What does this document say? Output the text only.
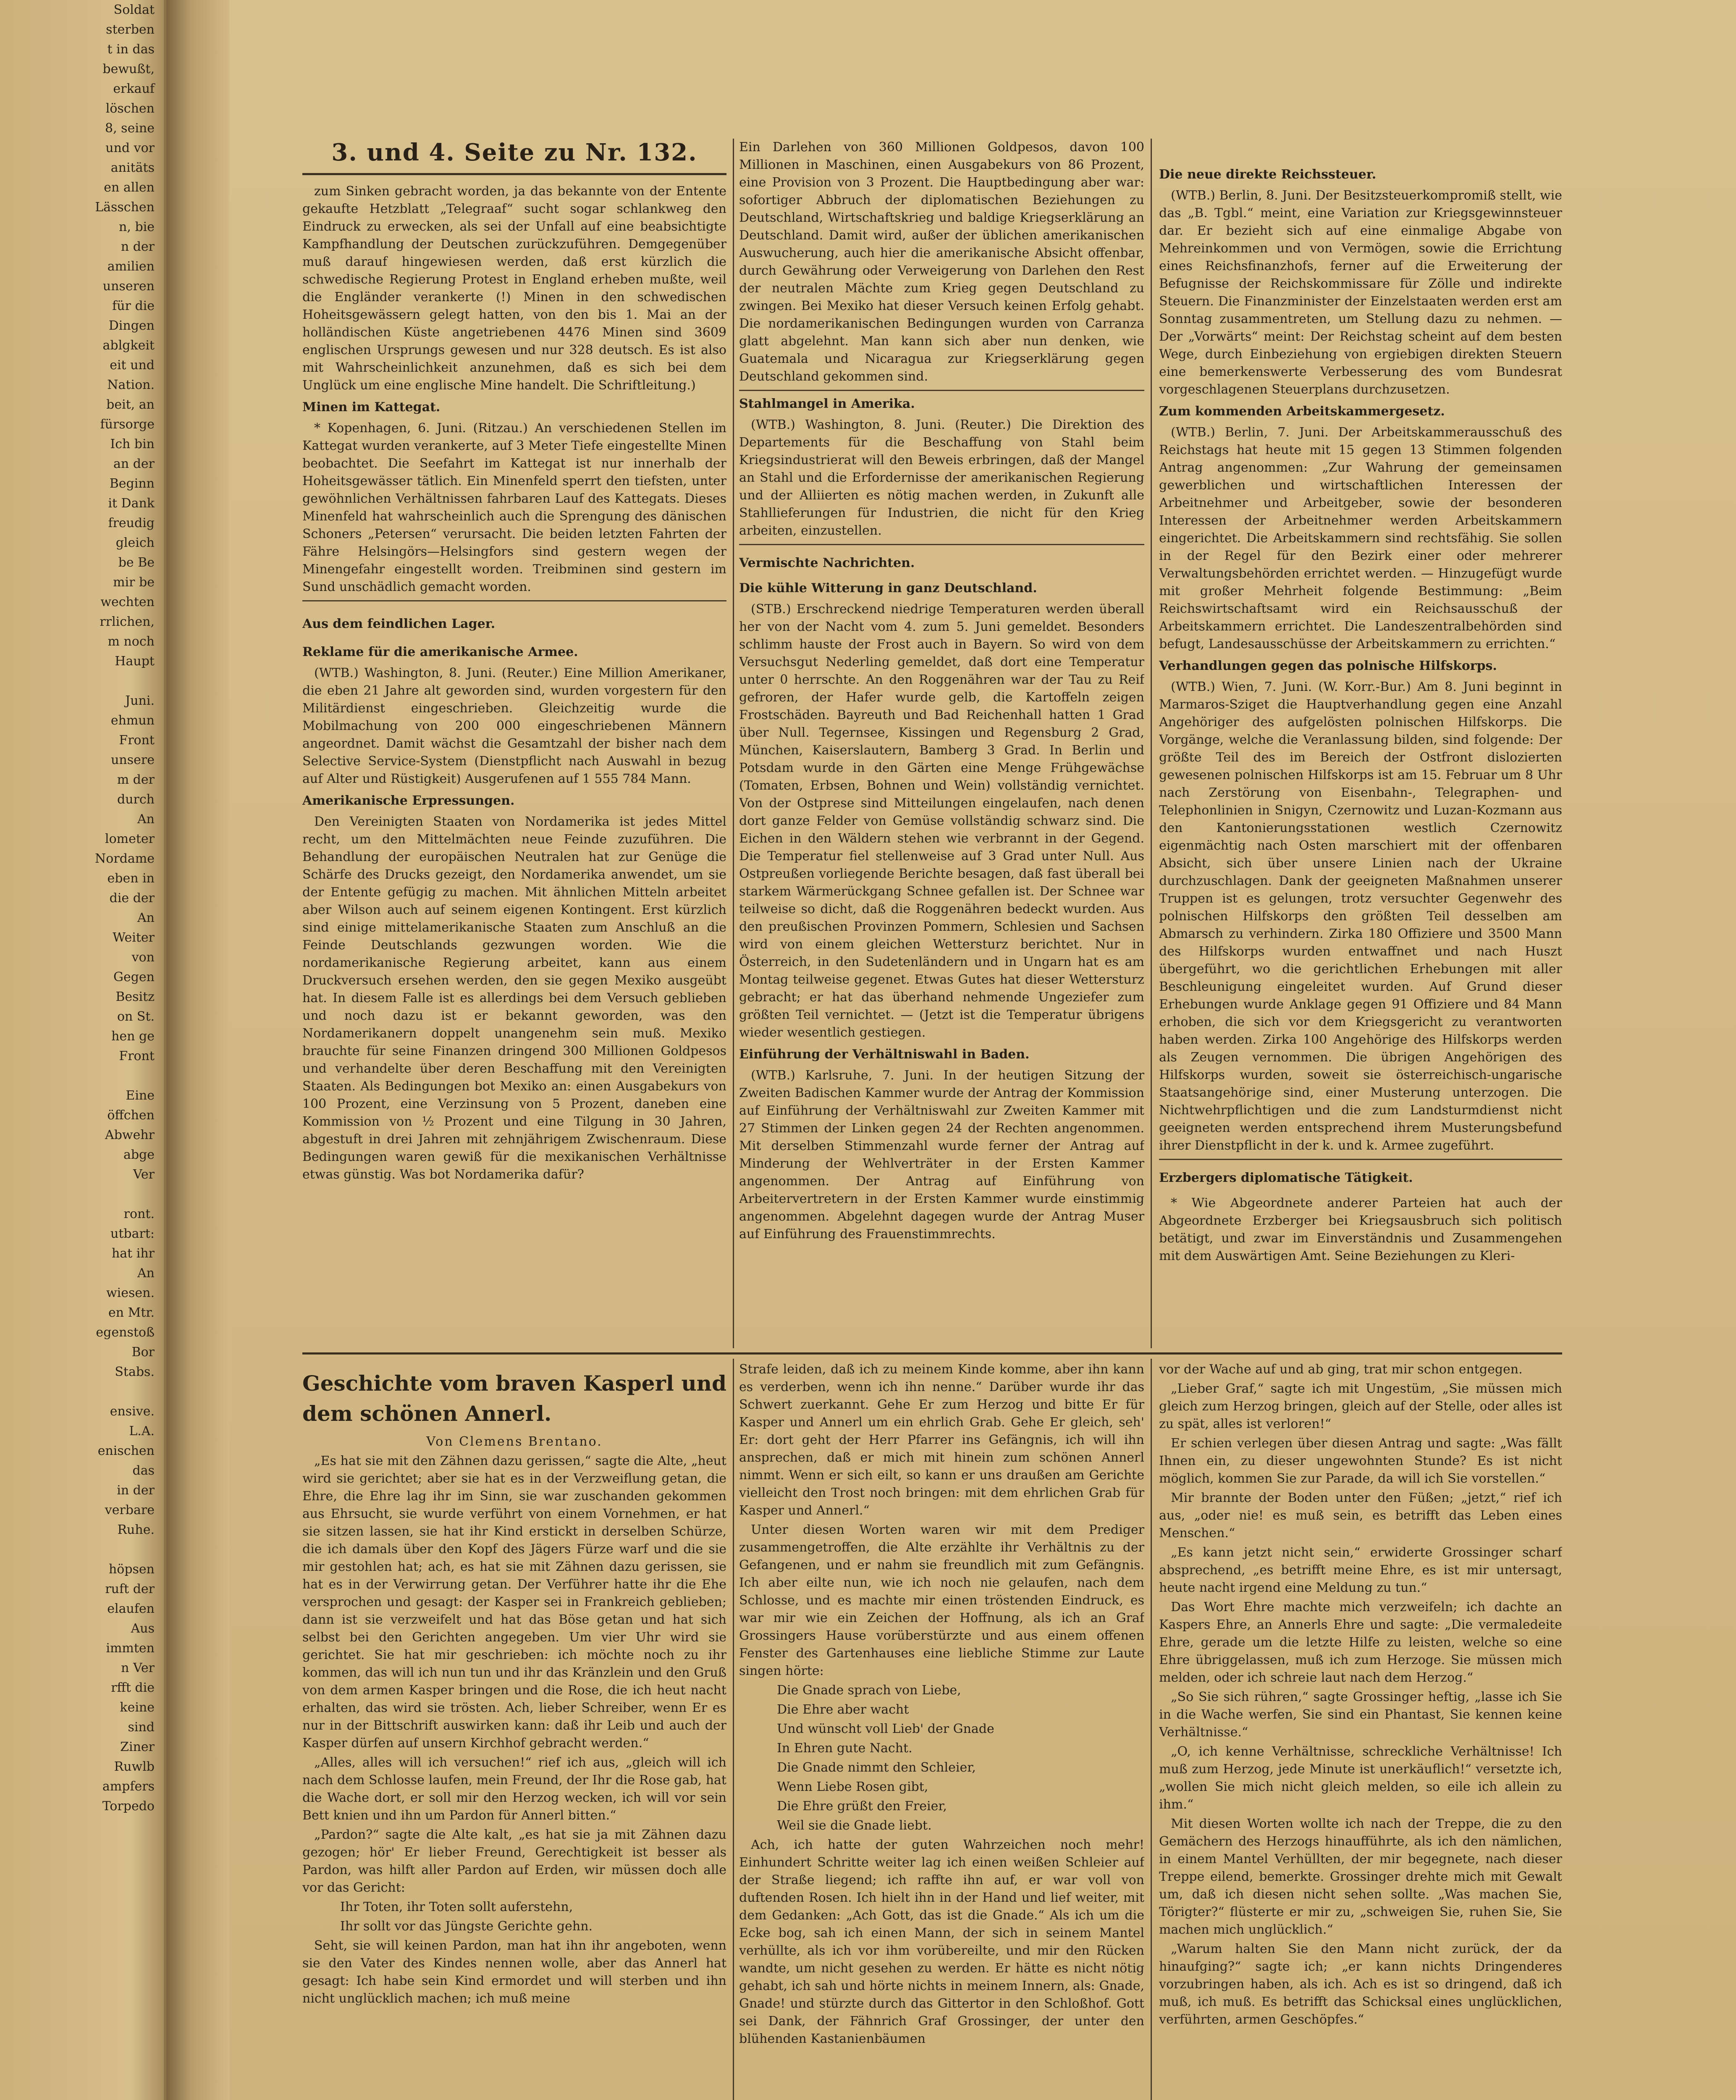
Soldat

sterben

t in das

bewußt,

erkauf

löschen

8, seine

und vor

anitäts

en allen

Lässchen

n, bie

n der

amilien

unseren

für die

Dingen

ablgkeit

eit und

Nation.

beit, an

fürsorge

Ich bin

an der

Beginn

it Dank

freudig

gleich

be Be

mir be

wechten

rrlichen,

m noch

Haupt

Juni.

ehmun

Front

unsere

m der

durch

An

lometer

Nordame

eben in

die der

An

Weiter

von

Gegen

Besitz

on St.

hen ge

Front

Eine

öffchen

Abwehr

abge

Ver

ront.

utbart:

hat ihr

An

wiesen.

en Mtr.

egenstoß

Bor

Stabs.

ensive.

L.A.

enischen

das

in der

verbare

Ruhe.

höpsen

ruft der

elaufen

Aus

immten

n Ver

rfft die

keine

sind

Ziner

Ruwlb

ampfers

Torpedo

3. und 4. Seite zu Nr. 132.

zum Sinken gebracht worden, ja das bekannte von der Entente gekaufte Hetzblatt „Telegraaf“ sucht sogar schlankweg den Eindruck zu erwecken, als sei der Unfall auf eine beabsichtigte Kampfhandlung der Deutschen zurückzuführen. Demgegenüber muß darauf hingewiesen werden, daß erst kürzlich die schwedische Regierung Protest in England erheben mußte, weil die Engländer verankerte (!) Minen in den schwedischen Hoheitsgewässern gelegt hatten, von den bis 1. Mai an der holländischen Küste angetriebenen 4476 Minen sind 3609 englischen Ursprungs gewesen und nur 328 deutsch. Es ist also mit Wahrscheinlichkeit anzunehmen, daß es sich bei dem Unglück um eine englische Mine handelt. Die Schriftleitung.)

Minen im Kattegat.

* Kopenhagen, 6. Juni. (Ritzau.) An verschiedenen Stellen im Kattegat wurden verankerte, auf 3 Meter Tiefe eingestellte Minen beobachtet. Die Seefahrt im Kattegat ist nur innerhalb der Hoheitsgewässer tätlich. Ein Minenfeld sperrt den tiefsten, unter gewöhnlichen Verhältnissen fahrbaren Lauf des Kattegats. Dieses Minenfeld hat wahrscheinlich auch die Sprengung des dänischen Schoners „Petersen“ verursacht. Die beiden letzten Fahrten der Fähre Helsingörs—Helsingfors sind gestern wegen der Minengefahr eingestellt worden. Treibminen sind gestern im Sund unschädlich gemacht worden.

Aus dem feindlichen Lager.

Reklame für die amerikanische Armee.

(WTB.) Washington, 8. Juni. (Reuter.) Eine Million Amerikaner, die eben 21 Jahre alt geworden sind, wurden vorgestern für den Militärdienst eingeschrieben. Gleichzeitig wurde die Mobilmachung von 200 000 eingeschriebenen Männern angeordnet. Damit wächst die Gesamtzahl der bisher nach dem Selective Service-System (Dienstpflicht nach Auswahl in bezug auf Alter und Rüstigkeit) Ausgerufenen auf 1 555 784 Mann.

Amerikanische Erpressungen.

Den Vereinigten Staaten von Nordamerika ist jedes Mittel recht, um den Mittelmächten neue Feinde zuzuführen. Die Behandlung der europäischen Neutralen hat zur Genüge die Schärfe des Drucks gezeigt, den Nordamerika anwendet, um sie der Entente gefügig zu machen. Mit ähnlichen Mitteln arbeitet aber Wilson auch auf seinem eigenen Kontingent. Erst kürzlich sind einige mittelamerikanische Staaten zum Anschluß an die Feinde Deutschlands gezwungen worden. Wie die nordamerikanische Regierung arbeitet, kann aus einem Druckversuch ersehen werden, den sie gegen Mexiko ausgeübt hat. In diesem Falle ist es allerdings bei dem Versuch geblieben und noch dazu ist er bekannt geworden, was den Nordamerikanern doppelt unangenehm sein muß. Mexiko brauchte für seine Finanzen dringend 300 Millionen Goldpesos und verhandelte über deren Beschaffung mit den Vereinigten Staaten. Als Bedingungen bot Mexiko an: einen Ausgabekurs von 100 Prozent, eine Verzinsung von 5 Prozent, daneben eine Kommission von ½ Prozent und eine Tilgung in 30 Jahren, abgestuft in drei Jahren mit zehnjährigem Zwischenraum. Diese Bedingungen waren gewiß für die mexikanischen Verhältnisse etwas günstig. Was bot Nordamerika dafür?

Ein Darlehen von 360 Millionen Goldpesos, davon 100 Millionen in Maschinen, einen Ausgabekurs von 86 Prozent, eine Provision von 3 Prozent. Die Hauptbedingung aber war: sofortiger Abbruch der diplomatischen Beziehungen zu Deutschland, Wirtschaftskrieg und baldige Kriegserklärung an Deutschland. Damit wird, außer der üblichen amerikanischen Auswucherung, auch hier die amerikanische Absicht offenbar, durch Gewährung oder Verweigerung von Darlehen den Rest der neutralen Mächte zum Krieg gegen Deutschland zu zwingen. Bei Mexiko hat dieser Versuch keinen Erfolg gehabt. Die nordamerikanischen Bedingungen wurden von Carranza glatt abgelehnt. Man kann sich aber nun denken, wie Guatemala und Nicaragua zur Kriegserklärung gegen Deutschland gekommen sind.

Stahlmangel in Amerika.

(WTB.) Washington, 8. Juni. (Reuter.) Die Direktion des Departements für die Beschaffung von Stahl beim Kriegsindustrierat will den Beweis erbringen, daß der Mangel an Stahl und die Erfordernisse der amerikanischen Regierung und der Alliierten es nötig machen werden, in Zukunft alle Stahllieferungen für Industrien, die nicht für den Krieg arbeiten, einzustellen.

Vermischte Nachrichten.

Die kühle Witterung in ganz Deutschland.

(STB.) Erschreckend niedrige Temperaturen werden überall her von der Nacht vom 4. zum 5. Juni gemeldet. Besonders schlimm hauste der Frost auch in Bayern. So wird von dem Versuchsgut Nederling gemeldet, daß dort eine Temperatur unter 0 herrschte. An den Roggenähren war der Tau zu Reif gefroren, der Hafer wurde gelb, die Kartoffeln zeigen Frostschäden. Bayreuth und Bad Reichenhall hatten 1 Grad über Null. Tegernsee, Kissingen und Regensburg 2 Grad, München, Kaiserslautern, Bamberg 3 Grad. In Berlin und Potsdam wurde in den Gärten eine Menge Frühgewächse (Tomaten, Erbsen, Bohnen und Wein) vollständig vernichtet. Von der Ostprese sind Mitteilungen eingelaufen, nach denen dort ganze Felder von Gemüse vollständig schwarz sind. Die Eichen in den Wäldern stehen wie verbrannt in der Gegend. Die Temperatur fiel stellenweise auf 3 Grad unter Null. Aus Ostpreußen vorliegende Berichte besagen, daß fast überall bei starkem Wärmerückgang Schnee gefallen ist. Der Schnee war teilweise so dicht, daß die Roggenähren bedeckt wurden. Aus den preußischen Provinzen Pommern, Schlesien und Sachsen wird von einem gleichen Wettersturz berichtet. Nur in Österreich, in den Sudetenländern und in Ungarn hat es am Montag teilweise gegenet. Etwas Gutes hat dieser Wettersturz gebracht; er hat das überhand nehmende Ungeziefer zum größten Teil vernichtet. — (Jetzt ist die Temperatur übrigens wieder wesentlich gestiegen.

Einführung der Verhältniswahl in Baden.

(WTB.) Karlsruhe, 7. Juni. In der heutigen Sitzung der Zweiten Badischen Kammer wurde der Antrag der Kommission auf Einführung der Verhältniswahl zur Zweiten Kammer mit 27 Stimmen der Linken gegen 24 der Rechten angenommen. Mit derselben Stimmenzahl wurde ferner der Antrag auf Minderung der Wehlverträter in der Ersten Kammer angenommen. Der Antrag auf Einführung von Arbeitervertretern in der Ersten Kammer wurde einstimmig angenommen. Abgelehnt dagegen wurde der Antrag Muser auf Einführung des Frauenstimmrechts.

Die neue direkte Reichssteuer.

(WTB.) Berlin, 8. Juni. Der Besitzsteuerkompromiß stellt, wie das „B. Tgbl.“ meint, eine Variation zur Kriegsgewinnsteuer dar. Er bezieht sich auf eine einmalige Abgabe von Mehreinkommen und von Vermögen, sowie die Errichtung eines Reichsfinanzhofs, ferner auf die Erweiterung der Befugnisse der Reichskommissare für Zölle und indirekte Steuern. Die Finanzminister der Einzelstaaten werden erst am Sonntag zusammentreten, um Stellung dazu zu nehmen. — Der „Vorwärts“ meint: Der Reichstag scheint auf dem besten Wege, durch Einbeziehung von ergiebigen direkten Steuern eine bemerkenswerte Verbesserung des vom Bundesrat vorgeschlagenen Steuerplans durchzusetzen.

Zum kommenden Arbeitskammergesetz.

(WTB.) Berlin, 7. Juni. Der Arbeitskammerausschuß des Reichstags hat heute mit 15 gegen 13 Stimmen folgenden Antrag angenommen: „Zur Wahrung der gemeinsamen gewerblichen und wirtschaftlichen Interessen der Arbeitnehmer und Arbeitgeber, sowie der besonderen Interessen der Arbeitnehmer werden Arbeitskammern eingerichtet. Die Arbeitskammern sind rechtsfähig. Sie sollen in der Regel für den Bezirk einer oder mehrerer Verwaltungsbehörden errichtet werden. — Hinzugefügt wurde mit großer Mehrheit folgende Bestimmung: „Beim Reichswirtschaftsamt wird ein Reichsausschuß der Arbeitskammern errichtet. Die Landeszentralbehörden sind befugt, Landesausschüsse der Arbeitskammern zu errichten.“

Verhandlungen gegen das polnische Hilfskorps.

(WTB.) Wien, 7. Juni. (W. Korr.-Bur.) Am 8. Juni beginnt in Marmaros-Sziget die Hauptverhandlung gegen eine Anzahl Angehöriger des aufgelösten polnischen Hilfskorps. Die Vorgänge, welche die Veranlassung bilden, sind folgende: Der größte Teil des im Bereich der Ostfront dislozierten gewesenen polnischen Hilfskorps ist am 15. Februar um 8 Uhr nach Zerstörung von Eisenbahn-, Telegraphen- und Telephonlinien in Snigyn, Czernowitz und Luzan-Kozmann aus den Kantonierungsstationen westlich Czernowitz eigenmächtig nach Osten marschiert mit der offenbaren Absicht, sich über unsere Linien nach der Ukraine durchzuschlagen. Dank der geeigneten Maßnahmen unserer Truppen ist es gelungen, trotz versuchter Gegenwehr des polnischen Hilfskorps den größten Teil desselben am Abmarsch zu verhindern. Zirka 180 Offiziere und 3500 Mann des Hilfskorps wurden entwaffnet und nach Huszt übergeführt, wo die gerichtlichen Erhebungen mit aller Beschleunigung eingeleitet wurden. Auf Grund dieser Erhebungen wurde Anklage gegen 91 Offiziere und 84 Mann erhoben, die sich vor dem Kriegsgericht zu verantworten haben werden. Zirka 100 Angehörige des Hilfskorps werden als Zeugen vernommen. Die übrigen Angehörigen des Hilfskorps wurden, soweit sie österreichisch-ungarische Staatsangehörige sind, einer Musterung unterzogen. Die Nichtwehrpflichtigen und die zum Landsturmdienst nicht geeigneten werden entsprechend ihrem Musterungsbefund ihrer Dienstpflicht in der k. und k. Armee zugeführt.

Erzbergers diplomatische Tätigkeit.

* Wie Abgeordnete anderer Parteien hat auch der Abgeordnete Erzberger bei Kriegsausbruch sich politisch betätigt, und zwar im Einverständnis und Zusammengehen mit dem Auswärtigen Amt. Seine Beziehungen zu Kleri-

Geschichte vom braven Kasperl und dem schönen Annerl.

Von Clemens Brentano.

„Es hat sie mit den Zähnen dazu gerissen,“ sagte die Alte, „heut wird sie gerichtet; aber sie hat es in der Verzweiflung getan, die Ehre, die Ehre lag ihr im Sinn, sie war zuschanden gekommen aus Ehrsucht, sie wurde verführt von einem Vornehmen, er hat sie sitzen lassen, sie hat ihr Kind erstickt in derselben Schürze, die ich damals über den Kopf des Jägers Fürze warf und die sie mir gestohlen hat; ach, es hat sie mit Zähnen dazu gerissen, sie hat es in der Verwirrung getan. Der Verführer hatte ihr die Ehe versprochen und gesagt: der Kasper sei in Frankreich geblieben; dann ist sie verzweifelt und hat das Böse getan und hat sich selbst bei den Gerichten angegeben. Um vier Uhr wird sie gerichtet. Sie hat mir geschrieben: ich möchte noch zu ihr kommen, das will ich nun tun und ihr das Kränzlein und den Gruß von dem armen Kasper bringen und die Rose, die ich heut nacht erhalten, das wird sie trösten. Ach, lieber Schreiber, wenn Er es nur in der Bittschrift auswirken kann: daß ihr Leib und auch der Kasper dürfen auf unsern Kirchhof gebracht werden.“

„Alles, alles will ich versuchen!“ rief ich aus, „gleich will ich nach dem Schlosse laufen, mein Freund, der Ihr die Rose gab, hat die Wache dort, er soll mir den Herzog wecken, ich will vor sein Bett knien und ihn um Pardon für Annerl bitten.“

„Pardon?“ sagte die Alte kalt, „es hat sie ja mit Zähnen dazu gezogen; hör' Er lieber Freund, Gerechtigkeit ist besser als Pardon, was hilft aller Pardon auf Erden, wir müssen doch alle vor das Gericht:

Ihr Toten, ihr Toten sollt auferstehn,

Ihr sollt vor das Jüngste Gerichte gehn.

Seht, sie will keinen Pardon, man hat ihn ihr angeboten, wenn sie den Vater des Kindes nennen wolle, aber das Annerl hat gesagt: Ich habe sein Kind ermordet und will sterben und ihn nicht unglücklich machen; ich muß meine

Strafe leiden, daß ich zu meinem Kinde komme, aber ihn kann es verderben, wenn ich ihn nenne.“ Darüber wurde ihr das Schwert zuerkannt. Gehe Er zum Herzog und bitte Er für Kasper und Annerl um ein ehrlich Grab. Gehe Er gleich, seh' Er: dort geht der Herr Pfarrer ins Gefängnis, ich will ihn ansprechen, daß er mich mit hinein zum schönen Annerl nimmt. Wenn er sich eilt, so kann er uns draußen am Gerichte vielleicht den Trost noch bringen: mit dem ehrlichen Grab für Kasper und Annerl.“

Unter diesen Worten waren wir mit dem Prediger zusammengetroffen, die Alte erzählte ihr Verhältnis zu der Gefangenen, und er nahm sie freundlich mit zum Gefängnis. Ich aber eilte nun, wie ich noch nie gelaufen, nach dem Schlosse, und es machte mir einen tröstenden Eindruck, es war mir wie ein Zeichen der Hoffnung, als ich an Graf Grossingers Hause vorüberstürzte und aus einem offenen Fenster des Gartenhauses eine liebliche Stimme zur Laute singen hörte:

Die Gnade sprach von Liebe,

Die Ehre aber wacht

Und wünscht voll Lieb' der Gnade

In Ehren gute Nacht.

Die Gnade nimmt den Schleier,

Wenn Liebe Rosen gibt,

Die Ehre grüßt den Freier,

Weil sie die Gnade liebt.

Ach, ich hatte der guten Wahrzeichen noch mehr! Einhundert Schritte weiter lag ich einen weißen Schleier auf der Straße liegend; ich raffte ihn auf, er war voll von duftenden Rosen. Ich hielt ihn in der Hand und lief weiter, mit dem Gedanken: „Ach Gott, das ist die Gnade.“ Als ich um die Ecke bog, sah ich einen Mann, der sich in seinem Mantel verhüllte, als ich vor ihm vorübereilte, und mir den Rücken wandte, um nicht gesehen zu werden. Er hätte es nicht nötig gehabt, ich sah und hörte nichts in meinem Innern, als: Gnade, Gnade! und stürzte durch das Gittertor in den Schloßhof. Gott sei Dank, der Fähnrich Graf Grossinger, der unter den blühenden Kastanienbäumen

vor der Wache auf und ab ging, trat mir schon entgegen.

„Lieber Graf,“ sagte ich mit Ungestüm, „Sie müssen mich gleich zum Herzog bringen, gleich auf der Stelle, oder alles ist zu spät, alles ist verloren!“

Er schien verlegen über diesen Antrag und sagte: „Was fällt Ihnen ein, zu dieser ungewohnten Stunde? Es ist nicht möglich, kommen Sie zur Parade, da will ich Sie vorstellen.“

Mir brannte der Boden unter den Füßen; „jetzt,“ rief ich aus, „oder nie! es muß sein, es betrifft das Leben eines Menschen.“

„Es kann jetzt nicht sein,“ erwiderte Grossinger scharf absprechend, „es betrifft meine Ehre, es ist mir untersagt, heute nacht irgend eine Meldung zu tun.“

Das Wort Ehre machte mich verzweifeln; ich dachte an Kaspers Ehre, an Annerls Ehre und sagte: „Die vermaledeite Ehre, gerade um die letzte Hilfe zu leisten, welche so eine Ehre übriggelassen, muß ich zum Herzoge. Sie müssen mich melden, oder ich schreie laut nach dem Herzog.“

„So Sie sich rühren,“ sagte Grossinger heftig, „lasse ich Sie in die Wache werfen, Sie sind ein Phantast, Sie kennen keine Verhältnisse.“

„O, ich kenne Verhältnisse, schreckliche Verhältnisse! Ich muß zum Herzog, jede Minute ist unerkäuflich!“ versetzte ich, „wollen Sie mich nicht gleich melden, so eile ich allein zu ihm.“

Mit diesen Worten wollte ich nach der Treppe, die zu den Gemächern des Herzogs hinaufführte, als ich den nämlichen, in einem Mantel Verhüllten, der mir begegnete, nach dieser Treppe eilend, bemerkte. Grossinger drehte mich mit Gewalt um, daß ich diesen nicht sehen sollte. „Was machen Sie, Törigter?“ flüsterte er mir zu, „schweigen Sie, ruhen Sie, Sie machen mich unglücklich.“

„Warum halten Sie den Mann nicht zurück, der da hinaufging?“ sagte ich; „er kann nichts Dringenderes vorzubringen haben, als ich. Ach es ist so dringend, daß ich muß, ich muß. Es betrifft das Schicksal eines unglücklichen, verführten, armen Geschöpfes.“
